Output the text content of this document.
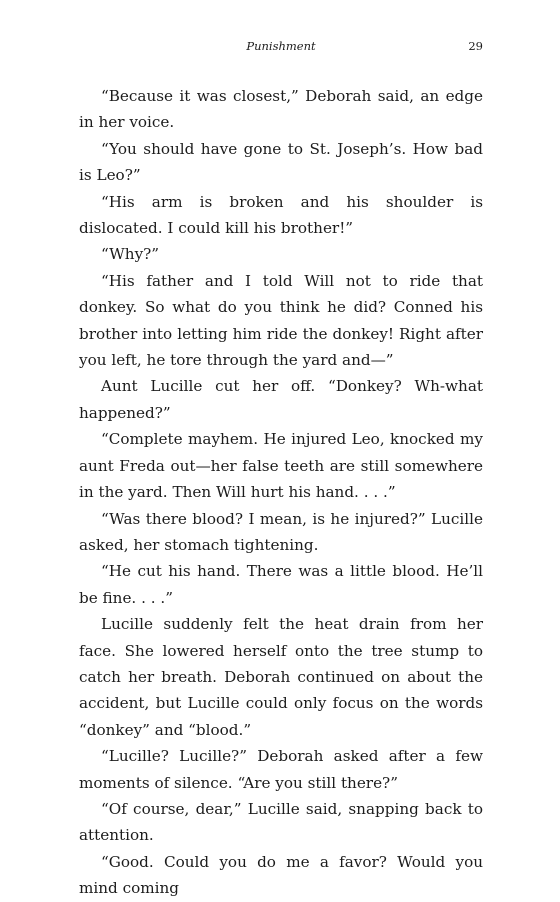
Punishment	29

“Because it was closest,” Deborah said, an edge in her voice.

“You should have gone to St. Joseph’s. How bad is Leo?”

“His arm is broken and his shoulder is dislocated. I could kill his brother!”

“Why?”

“His father and I told Will not to ride that donkey. So what do you think he did? Conned his brother into letting him ride the donkey! Right after you left, he tore through the yard and—”

Aunt Lucille cut her off. “Donkey? Wh-what happened?”

“Complete mayhem. He injured Leo, knocked my aunt Freda out—her false teeth are still somewhere in the yard. Then Will hurt his hand. . . .”

“Was there blood? I mean, is he injured?” Lucille asked, her stomach tightening.

“He cut his hand. There was a little blood. He’ll be fine. . . .”

Lucille suddenly felt the heat drain from her face. She lowered herself onto the tree stump to catch her breath. Deborah continued on about the accident, but Lucille could only focus on the words “donkey” and “blood.”

“Lucille? Lucille?” Deborah asked after a few moments of silence. “Are you still there?”

“Of course, dear,” Lucille said, snapping back to attention.

“Good. Could you do me a favor? Would you mind coming
